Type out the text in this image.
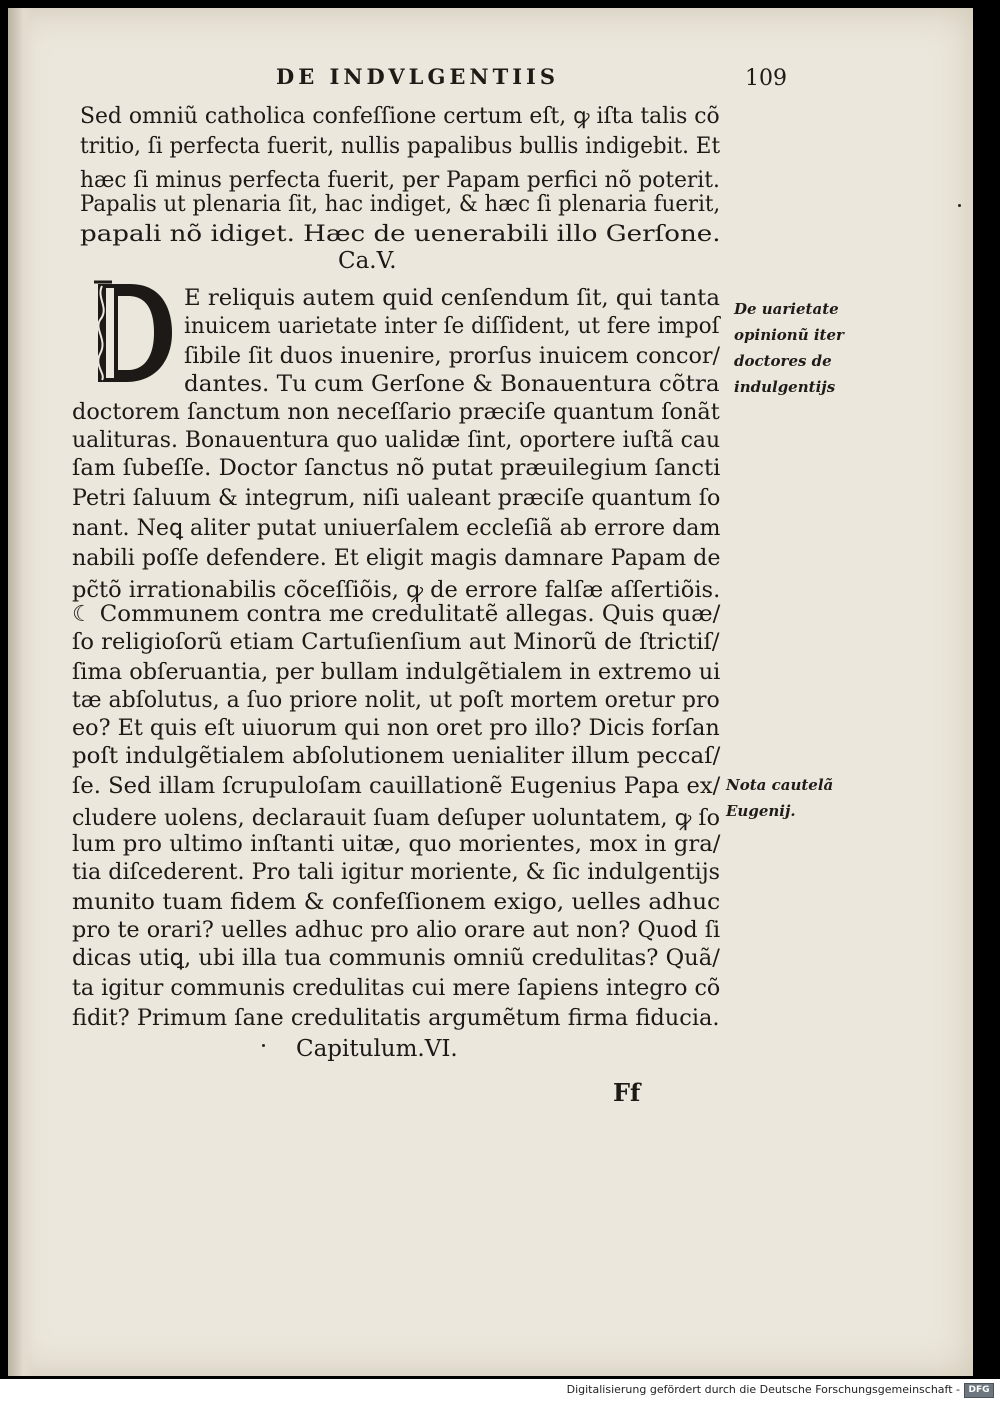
DE INDVLGENTIIS	109
Sed omniũ catholica confeſſione certum eſt, ꝙ iſta talis cõ
tritio, ſi perfecta fuerit, nullis papalibus bullis indigebit. Et
hæc ſi minus perfecta fuerit, per Papam perfici nõ poterit.
Papalis ut plenaria ſit, hac indiget, & hæc ſi plenaria fuerit,
papali nõ idiget. Hæc de uenerabili illo Gerſone.
Ca.V.
E reliquis autem quid cenſendum ſit, qui tanta
inuicem uarietate inter ſe diſſident, ut fere impoſ
ſibile ſit duos inuenire, prorſus inuicem concor/
dantes. Tu cum Gerſone & Bonauentura cõtra
doctorem ſanctum non neceſſario præciſe quantum ſonãt
ualituras. Bonauentura quo ualidæ ſint, oportere iuſtã cau
ſam ſubeſſe. Doctor ſanctus nõ putat præuilegium ſancti
Petri ſaluum & integrum, niſi ualeant præciſe quantum ſo
nant. Neꝗ aliter putat uniuerſalem eccleſiã ab errore dam
nabili poſſe defendere. Et eligit magis damnare Papam de
pc̃tõ irrationabilis cõceſſiõis, ꝙ de errore falſæ aſſertiõis.
☾ Communem contra me credulitatẽ allegas. Quis quæ/
ſo religioſorũ etiam Cartuſienſium aut Minorũ de ſtrictiſ/
ſima obſeruantia, per bullam indulgẽtialem in extremo ui
tæ abſolutus, a ſuo priore nolit, ut poſt mortem oretur pro
eo? Et quis eſt uiuorum qui non oret pro illo? Dicis forſan
poſt indulgẽtialem abſolutionem uenialiter illum peccaſ/
ſe. Sed illam ſcrupuloſam cauillationẽ Eugenius Papa ex/
cludere uolens, declarauit ſuam deſuper uoluntatem, ꝙ ſo
lum pro ultimo inſtanti uitæ, quo morientes, mox in gra/
tia diſcederent. Pro tali igitur moriente, & ſic indulgentijs
munito tuam fidem & confeſſionem exigo, uelles adhuc
pro te orari? uelles adhuc pro alio orare aut non? Quod ſi
dicas utiꝗ, ubi illa tua communis omniũ credulitas? Quã/
ta igitur communis credulitas cui mere ſapiens integro cõ
fidit? Primum ſane credulitatis argumẽtum firma fiducia.
Capitulum.VI.
De uarietate
opinionũ iter
doctores de
indulgentijs
Nota cautelã
Eugenij.
Ff
Digitalisierung gefördert durch die Deutsche Forschungsgemeinschaft - DFG
